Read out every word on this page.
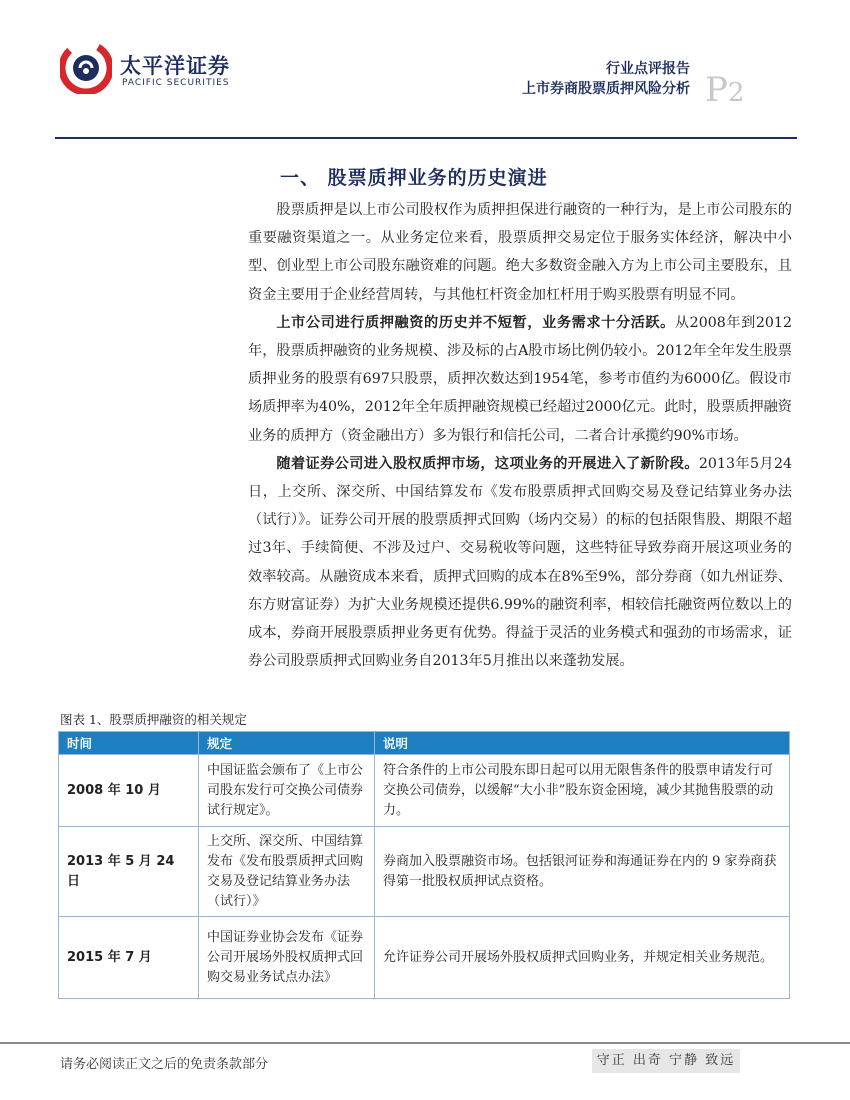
太平洋证券
PACIFIC SECURITIES
行业点评报告
上市券商股票质押风险分析 P2
一、 股票质押业务的历史演进

股票质押是以上市公司股权作为质押担保进行融资的一种行为，是上市公司股东的重要融资渠道之一。从业务定位来看，股票质押交易定位于服务实体经济，解决中小型、创业型上市公司股东融资难的问题。绝大多数资金融入方为上市公司主要股东，且资金主要用于企业经营周转，与其他杠杆资金加杠杆用于购买股票有明显不同。

上市公司进行质押融资的历史并不短暂，业务需求十分活跃。从2008年到2012年，股票质押融资的业务规模、涉及标的占A股市场比例仍较小。2012年全年发生股票质押业务的股票有697只股票，质押次数达到1954笔，参考市值约为6000亿。假设市场质押率为40%，2012年全年质押融资规模已经超过2000亿元。此时，股票质押融资业务的质押方（资金融出方）多为银行和信托公司，二者合计承揽约90%市场。

随着证券公司进入股权质押市场，这项业务的开展进入了新阶段。2013年5月24日，上交所、深交所、中国结算发布《发布股票质押式回购交易及登记结算业务办法（试行）》。证券公司开展的股票质押式回购（场内交易）的标的包括限售股、期限不超过3年、手续简便、不涉及过户、交易税收等问题，这些特征导致券商开展这项业务的效率较高。从融资成本来看，质押式回购的成本在8%至9%，部分券商（如九州证券、东方财富证券）为扩大业务规模还提供6.99%的融资利率，相较信托融资两位数以上的成本，券商开展股票质押业务更有优势。得益于灵活的业务模式和强劲的市场需求，证券公司股票质押式回购业务自2013年5月推出以来蓬勃发展。

图表 1、股票质押融资的相关规定
时间	规定	说明
2008 年 10 月	中国证监会颁布了《上市公司股东发行可交换公司债券试行规定》。	符合条件的上市公司股东即日起可以用无限售条件的股票申请发行可交换公司债券，以缓解“大小非”股东资金困境，减少其抛售股票的动力。
2013 年 5 月 24 日	上交所、深交所、中国结算发布《发布股票质押式回购交易及登记结算业务办法（试行）》	券商加入股票融资市场。包括银河证券和海通证券在内的 9 家券商获得第一批股权质押试点资格。
2015 年 7 月	中国证券业协会发布《证券公司开展场外股权质押式回购交易业务试点办法》	允许证券公司开展场外股权质押式回购业务，并规定相关业务规范。
请务必阅读正文之后的免责条款部分	守正 出奇 宁静 致远
